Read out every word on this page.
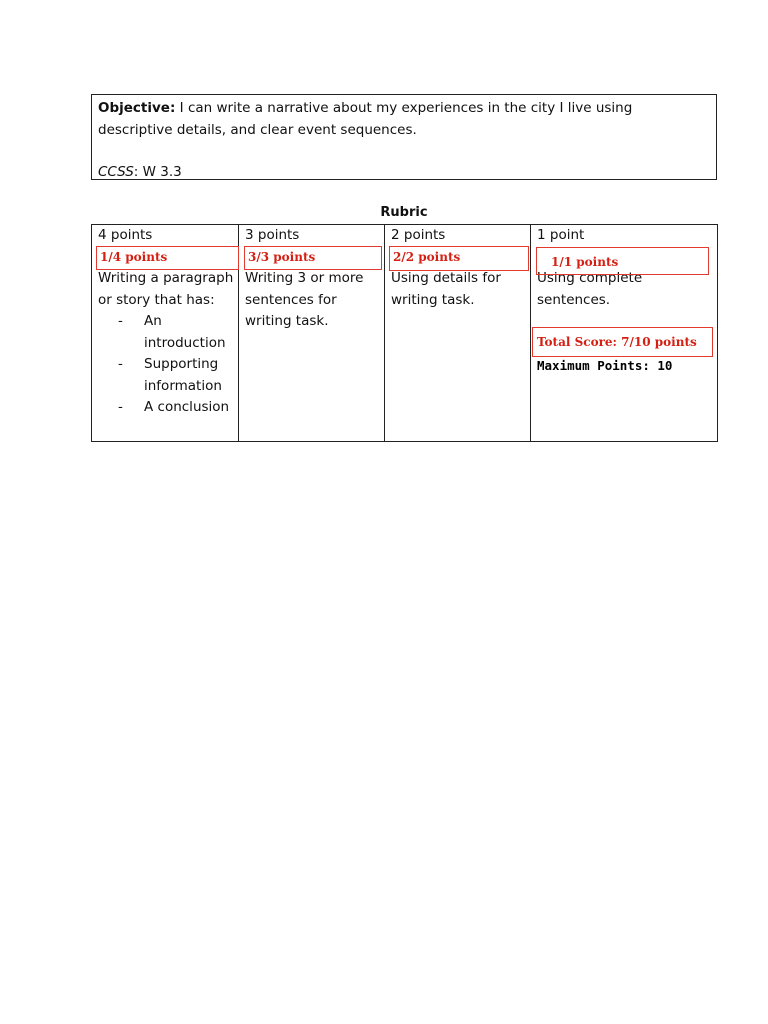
Objective: I can write a narrative about my experiences in the city I live using descriptive details, and clear event sequences.
CCSS: W 3.3
Rubric
4 points
Writing a paragraph or story that has:
- An introduction
- Supporting information
- A conclusion
1/4 points
3 points
Writing 3 or more sentences for writing task.
3/3 points
2 points
Using details for writing task.
2/2 points
1 point
Using complete sentences.
1/1 points
Total Score: 7/10 points
Maximum Points: 10
